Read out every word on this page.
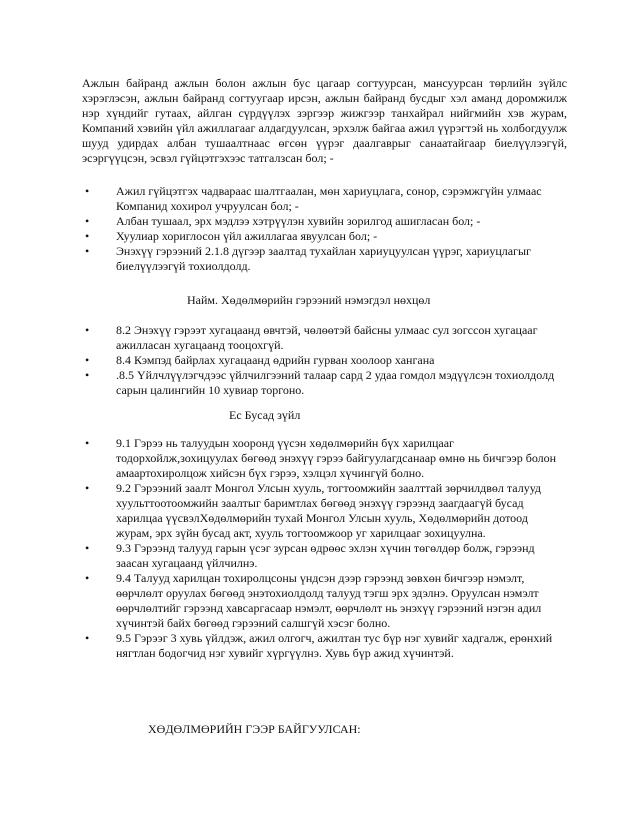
Ажлын байранд ажлын болон ажлын бус цагаар согтуурсан, мансуурсан төрлийн зүйлс хэрэглэсэн, ажлын байранд согтуугаар ирсэн, ажлын байранд бусдыг хэл аманд доромжилж нэр хүндийг гутаах, айлган сүрдүүлэх зэргээр жижгээр танхайрал нийгмийн хэв журам, Компаний хэвийн үйл ажиллагааг алдагдуулсан, эрхэлж байгаа ажил үүрэгтэй нь холбогдуулж шууд удирдах албан тушаалтнаас өгсөн үүрэг даалгаврыг санаатайгаар биелүүлээгүй, эсэргүүцсэн, эсвэл гүйцэтгэхээс татгалзсан бол; -

• Ажил гүйцэтгэх чадвараас шалтгаалан, мөн хариуцлага, сонор, сэрэмжгүйн улмаас Компанид хохирол учруулсан бол; -
• Албан тушаал, эрх мэдлээ хэтрүүлэн хувийн зорилгод ашигласан бол; -
• Хуулиар хориглосон үйл ажиллагаа явуулсан бол; -
• Энэхүү гэрээний 2.1.8 дүгээр заалтад тухайлан хариуцуулсан үүрэг, хариуцлагыг биелүүлээгүй тохиолдолд.

Найм. Хөдөлмөрийн гэрээний нэмэгдэл нөхцөл

• 8.2 Энэхүү гэрээт хугацаанд өвчтэй, чөлөөтэй байсны улмаас сул зогссон хугацааг ажилласан хугацаанд тооцохгүй.
• 8.4 Кэмпэд байрлах хугацаанд өдрийн гурван хоолоор хангана
• .8.5 Үйлчлүүлэгчдээс үйлчилгээний талаар сард 2 удаа гомдол мэдүүлсэн тохиолдолд сарын цалингийн 10 хувиар торгоно.

Ес Бусад зүйл

• 9.1 Гэрээ нь талуудын хооронд үүсэн хөдөлмөрийн бүх харилцааг тодорхойлж,зохицуулах бөгөөд энэхүү гэрээ байгуулагдсанаар өмнө нь бичгээр болон амаартохиролцож хийсэн бүх гэрээ, хэлцэл хүчингүй болно.
• 9.2 Гэрээний заалт Монгол Улсын хууль, тогтоомжийн заалттай зөрчилдвөл талууд хуульттоотоомжийн заалтыг баримтлах бөгөөд энэхүү гэрээнд заагдаагүй бусад харилцаа үүсвэлХөдөлмөрийн тухай Монгол Улсын хууль, Хөдөлмөрийн дотоод журам, эрх зүйн бусад акт, хууль тогтоомжоор уг харилцааг зохицуулна.
• 9.3 Гэрээнд талууд гарын үсэг зурсан өдрөөс эхлэн хүчин төгөлдөр болж, гэрээнд заасан хугацаанд үйлчилнэ.
• 9.4 Талууд харилцан тохиролцсоны үндсэн дээр гэрээнд зөвхөн бичгээр нэмэлт, өөрчлөлт оруулах бөгөөд энэтохиолдолд талууд тэгш эрх эдэлнэ. Оруулсан нэмэлт өөрчлөлтийг гэрээнд хавсаргасаар нэмэлт, өөрчлөлт нь энэхүү гэрээний нэгэн адил хүчинтэй байх бөгөөд гэрээний салшгүй хэсэг болно.
• 9.5 Гэрээг 3 хувь үйлдэж, ажил олгогч, ажилтан тус бүр нэг хувийг хадгалж, ерөнхий нягтлан бодогчид нэг хувийг хүргүүлнэ. Хувь бүр ажид хүчинтэй.

ХӨДӨЛМӨРИЙН ГЭЭР БАЙГУУЛСАН:
